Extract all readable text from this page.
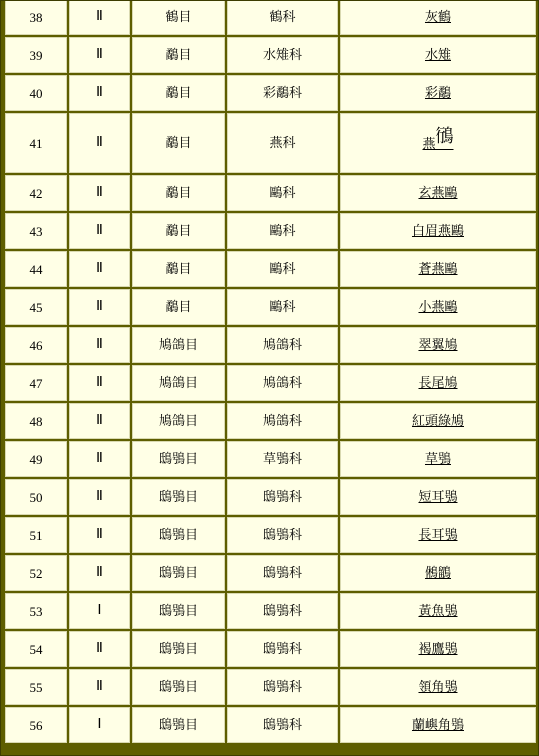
38	Ⅱ	鶴目	鶴科	灰鶴
39	Ⅱ	鷸目	水雉科	水雉
40	Ⅱ	鷸目	彩鷸科	彩鷸
41	Ⅱ	鷸目	燕科	燕鴴
42	Ⅱ	鷸目	鷗科	玄燕鷗
43	Ⅱ	鷸目	鷗科	白眉燕鷗
44	Ⅱ	鷸目	鷗科	蒼燕鷗
45	Ⅱ	鷸目	鷗科	小燕鷗
46	Ⅱ	鳩鴿目	鳩鴿科	翠翼鳩
47	Ⅱ	鳩鴿目	鳩鴿科	長尾鳩
48	Ⅱ	鳩鴿目	鳩鴿科	紅頭綠鳩
49	Ⅱ	鴟鴞目	草鴞科	草鴞
50	Ⅱ	鴟鴞目	鴟鴞科	短耳鴞
51	Ⅱ	鴟鴞目	鴟鴞科	長耳鴞
52	Ⅱ	鴟鴞目	鴟鴞科	鵂鶹
53	Ⅰ	鴟鴞目	鴟鴞科	黃魚鴞
54	Ⅱ	鴟鴞目	鴟鴞科	褐鷹鴞
55	Ⅱ	鴟鴞目	鴟鴞科	領角鴞
56	Ⅰ	鴟鴞目	鴟鴞科	蘭嶼角鴞
